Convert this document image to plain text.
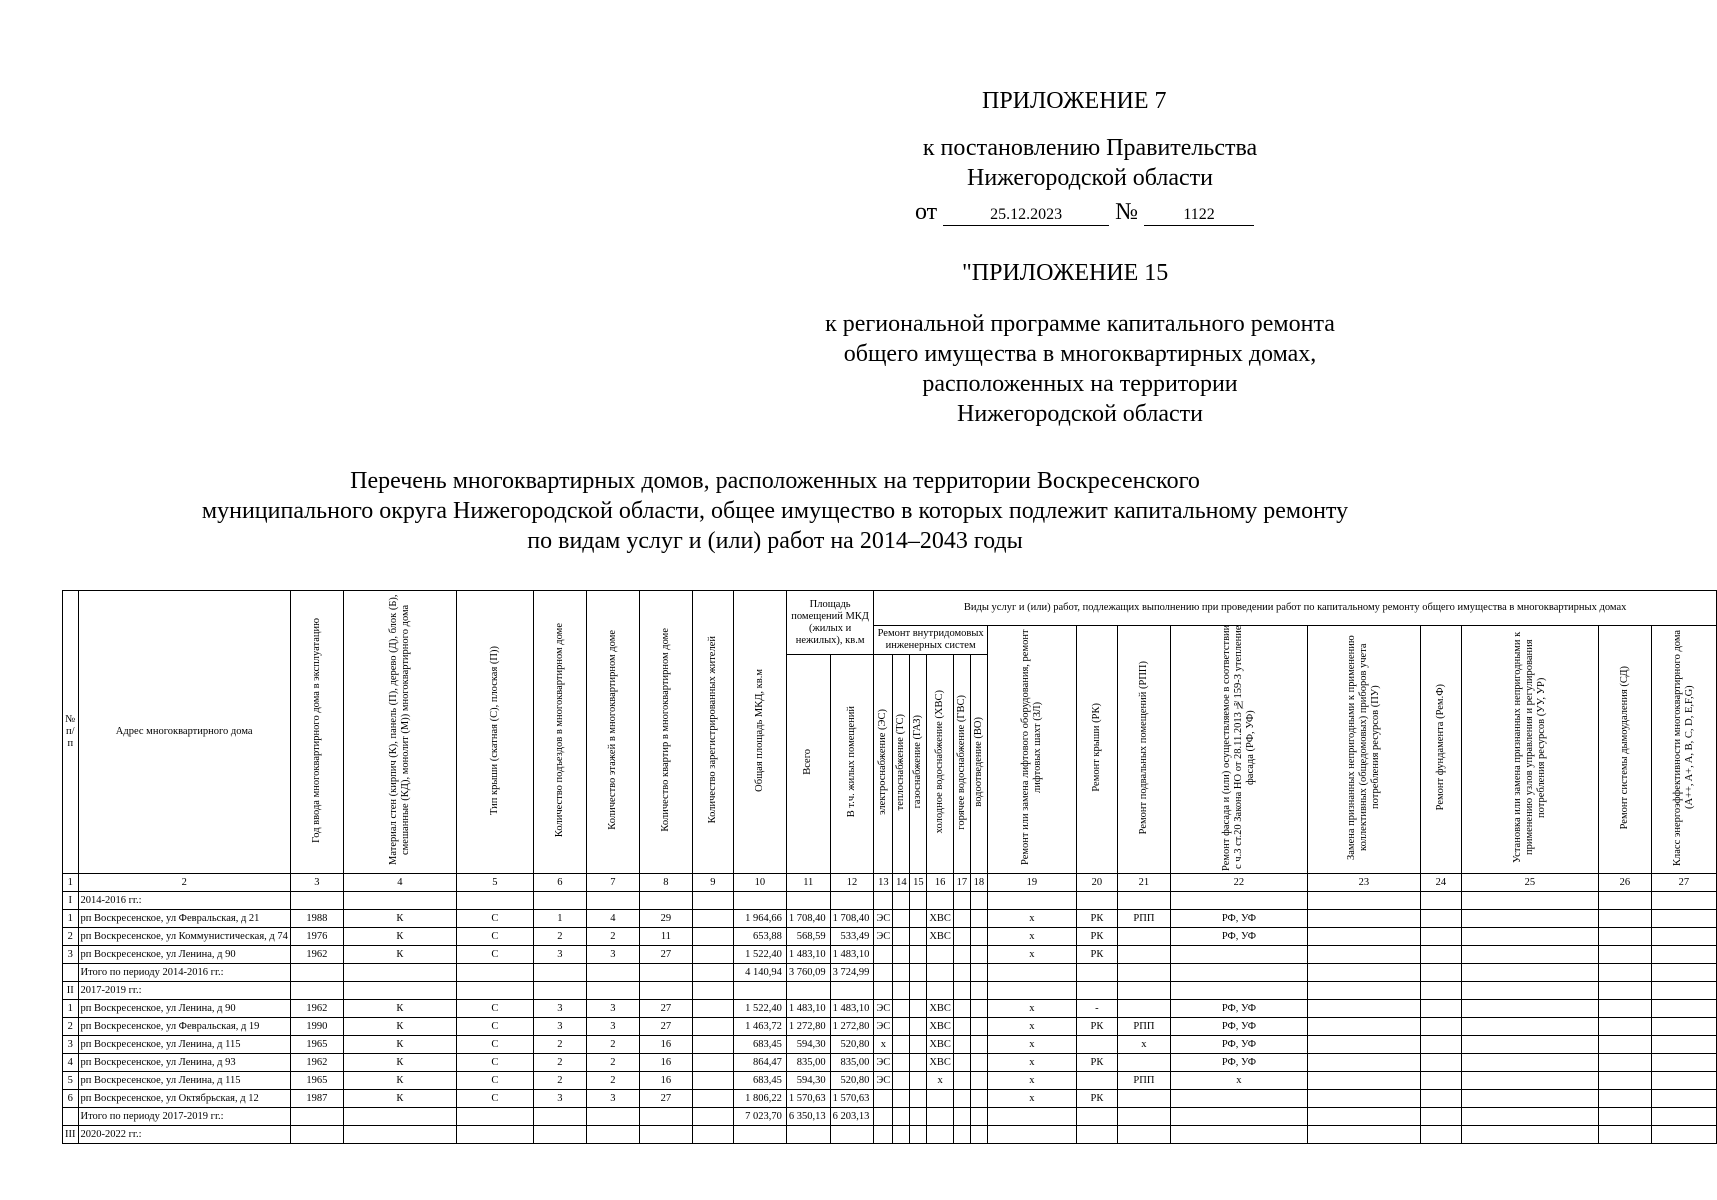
ПРИЛОЖЕНИЕ 7
к постановлению Правительства
Нижегородской области
от	25.12.2023 №	1122
"ПРИЛОЖЕНИЕ 15
к региональной программе капитального ремонта
общего имущества в многоквартирных домах,
расположенных на территории
Нижегородской области
Перечень многоквартирных домов, расположенных на территории Воскресенского
муниципального округа Нижегородской области, общее имущество в которых подлежит капитальному ремонту
по видам услуг и (или) работ на 2014–2043 годы
№ п/п	Адрес многоквартирного дома	Год ввода многоквартирного дома в эксплуатацию	Материал стен (кирпич (К), панель (П), дерево (Д), блок (Б), смешанные (КД), монолит (М)) многоквартирного дома	Тип крыши (скатная (С), плоская (П))	Количество подъездов в многоквартирном доме	Количество этажей в многоквартирном доме	Количество квартир в многоквартирном доме	Количество зарегистрированных жителей	Общая площадь МКД, кв.м	Площадь помещений МКД (жилых и нежилых), кв.м		Виды услуг и (или) работ, подлежащих выполнению при проведении работ по капитальному ремонту общего имущества в многоквартирных домах														
												Ремонт внутридомовых инженерных систем						Ремонт или замена лифтового оборудования, ремонт лифтовых шахт (ЗЛ)	Ремонт крыши (РК)	Ремонт подвальных помещений (РПП)	Ремонт фасада и (или) осуществляемое в соответствии с ч.3 ст.20 Закона НО от 28.11.2013 №159-З утепление фасада (РФ, УФ)	Замена признанных непригодными к применению коллективных (общедомовых) приборов учета потребления ресурсов (ПУ)	Ремонт фундамента (Рем.Ф)	Установка или замена признанных непригодными к применению узлов управления и регулирования потребления ресурсов (УУ, УР)	Ремонт системы дымоудаления (СД)	Класс энергоэффективности многоквартирного дома (A++, A+, A, B, C, D, E,F,G)
										Всего	В т.ч. жилых помещений	электроснабжение (ЭС)	теплоснабжение (ТС)	газоснабжение (ГАЗ)	холодное водоснабжение (ХВС)	горячее водоснабжение (ГВС)	водоотведение (ВО)									
1	2	3	4	5	6	7	8	9	10	11	12	13	14	15	16	17	18	19	20	21	22	23	24	25	26	27
I	2014-2016 гг.:																									
1	рп Воскресенское, ул Февральская, д 21	1988	К	С	1	4	29		1 964,66	1 708,40	1 708,40	ЭС			ХВС			х	РК	РПП	РФ, УФ					
2	рп Воскресенское, ул Коммунистическая, д 74	1976	К	С	2	2	11		653,88	568,59	533,49	ЭС			ХВС			х	РК		РФ, УФ					
3	рп Воскресенское, ул Ленина, д 90	1962	К	С	3	3	27		1 522,40	1 483,10	1 483,10							х	РК							
	Итого по периоду 2014-2016 гг.:								4 140,94	3 760,09	3 724,99															
II	2017-2019 гг.:																									
1	рп Воскресенское, ул Ленина, д 90	1962	К	С	3	3	27		1 522,40	1 483,10	1 483,10	ЭС			ХВС			х	-		РФ, УФ					
2	рп Воскресенское, ул Февральская, д 19	1990	К	С	3	3	27		1 463,72	1 272,80	1 272,80	ЭС			ХВС			х	РК	РПП	РФ, УФ					
3	рп Воскресенское, ул Ленина, д 115	1965	К	С	2	2	16		683,45	594,30	520,80	х			ХВС			х		х	РФ, УФ					
4	рп Воскресенское, ул Ленина, д 93	1962	К	С	2	2	16		864,47	835,00	835,00	ЭС			ХВС			х	РК		РФ, УФ					
5	рп Воскресенское, ул Ленина, д 115	1965	К	С	2	2	16		683,45	594,30	520,80	ЭС			х			х		РПП	х					
6	рп Воскресенское, ул Октябрьская, д 12	1987	К	С	3	3	27		1 806,22	1 570,63	1 570,63							х	РК							
	Итого по периоду 2017-2019 гг.:								7 023,70	6 350,13	6 203,13															
III	2020-2022 гг.:																									
